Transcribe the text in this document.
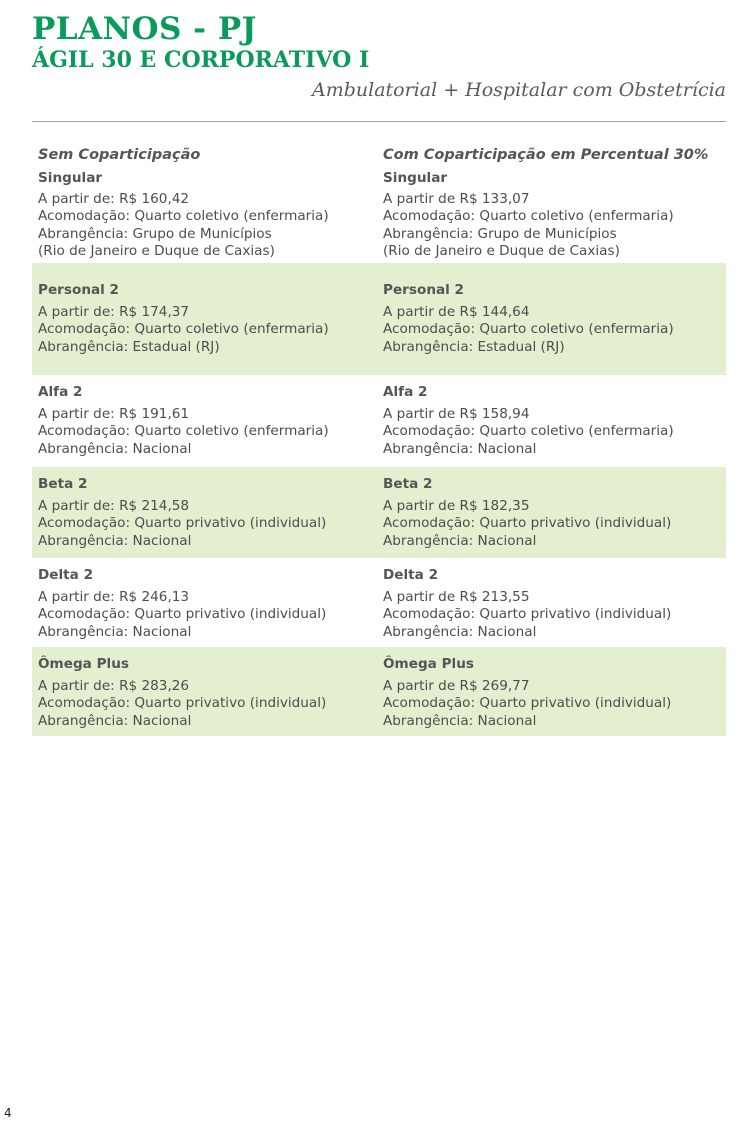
PLANOS - PJ
ÁGIL 30 E CORPORATIVO I
Ambulatorial + Hospitalar com Obstetrícia
Sem Coparticipação	Com Coparticipação em Percentual 30%
Singular
A partir de: R$ 160,42
Acomodação: Quarto coletivo (enfermaria)
Abrangência: Grupo de Municípios
(Rio de Janeiro e Duque de Caxias)
Singular
A partir de R$ 133,07
Acomodação: Quarto coletivo (enfermaria)
Abrangência: Grupo de Municípios
(Rio de Janeiro e Duque de Caxias)
Personal 2
A partir de: R$ 174,37
Acomodação: Quarto coletivo (enfermaria)
Abrangência: Estadual (RJ)
Personal 2
A partir de R$ 144,64
Acomodação: Quarto coletivo (enfermaria)
Abrangência: Estadual (RJ)
Alfa 2
A partir de: R$ 191,61
Acomodação: Quarto coletivo (enfermaria)
Abrangência: Nacional
Alfa 2
A partir de R$ 158,94
Acomodação: Quarto coletivo (enfermaria)
Abrangência: Nacional
Beta 2
A partir de: R$ 214,58
Acomodação: Quarto privativo (individual)
Abrangência: Nacional
Beta 2
A partir de R$ 182,35
Acomodação: Quarto privativo (individual)
Abrangência: Nacional
Delta 2
A partir de: R$ 246,13
Acomodação: Quarto privativo (individual)
Abrangência: Nacional
Delta 2
A partir de R$ 213,55
Acomodação: Quarto privativo (individual)
Abrangência: Nacional
Ômega Plus
A partir de: R$ 283,26
Acomodação: Quarto privativo (individual)
Abrangência: Nacional
Ômega Plus
A partir de R$ 269,77
Acomodação: Quarto privativo (individual)
Abrangência: Nacional
4
